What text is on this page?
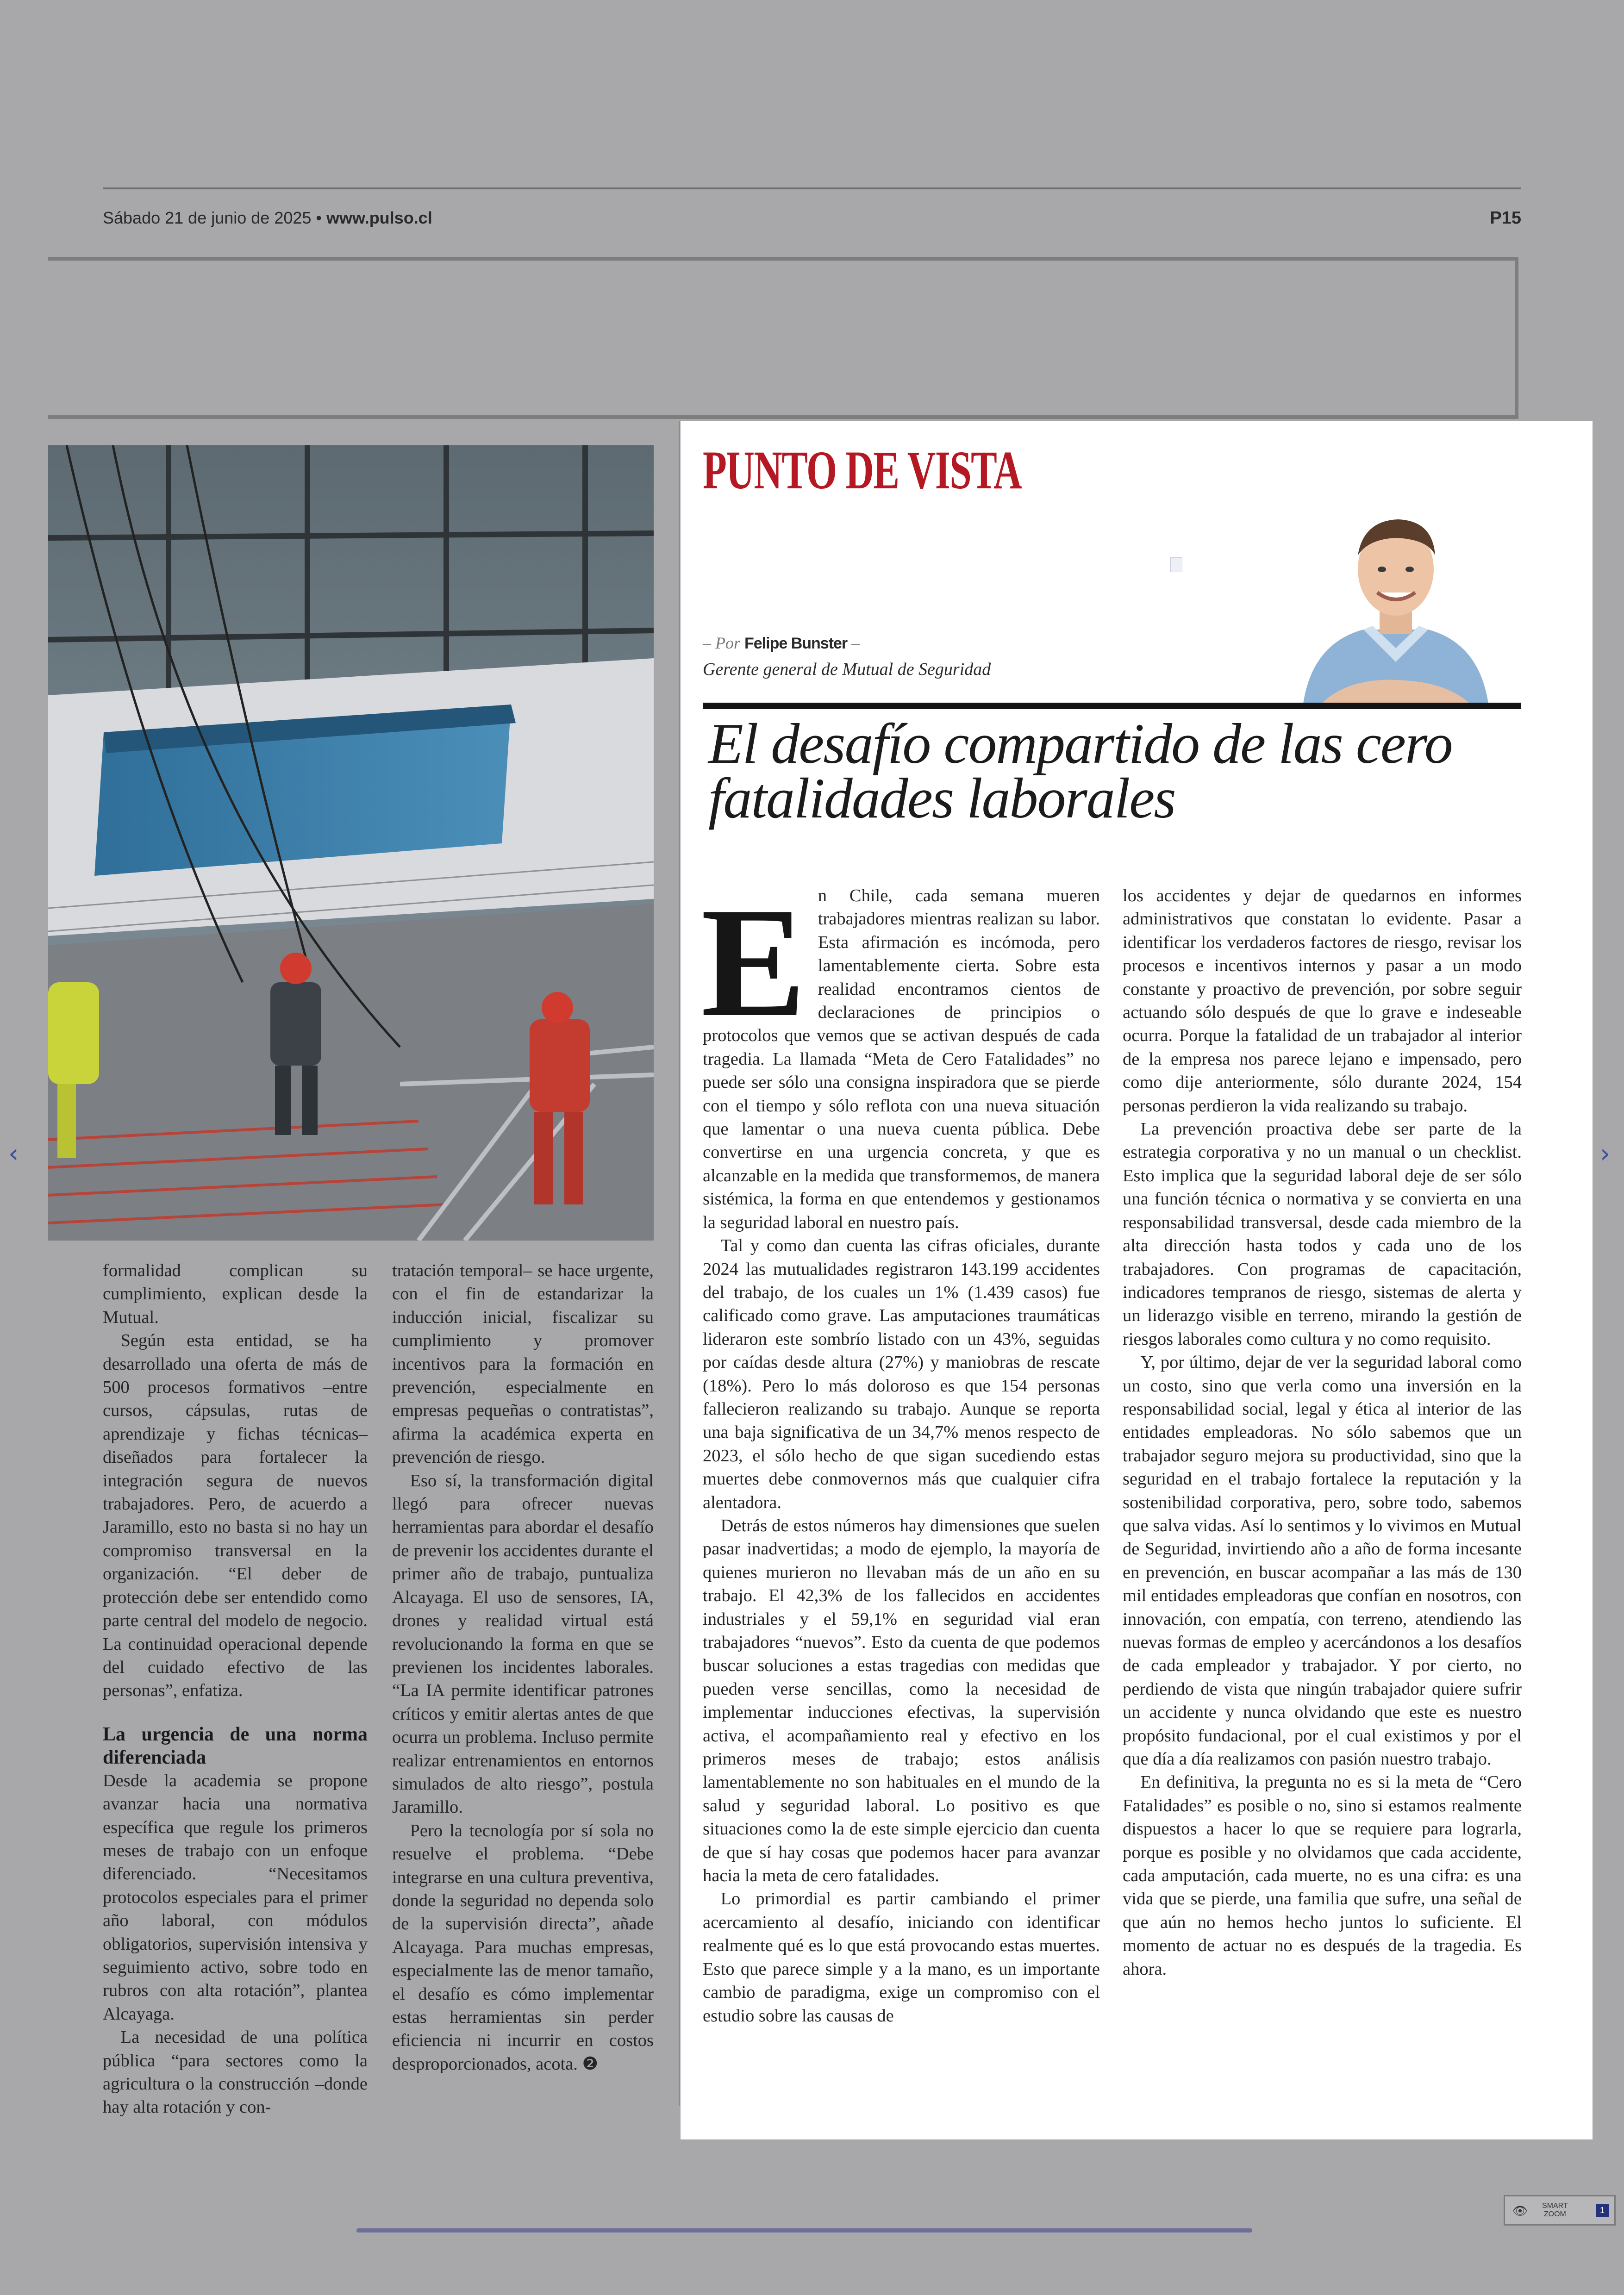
Sábado 21 de junio de 2025 • www.pulso.cl	P15

formalidad complican su cumplimiento, explican desde la Mutual.

Según esta entidad, se ha desarrollado una oferta de más de 500 procesos formativos –entre cursos, cápsulas, rutas de aprendizaje y fichas técnicas– diseñados para fortalecer la integración segura de nuevos trabajadores. Pero, de acuerdo a Jaramillo, esto no basta si no hay un compromiso transversal en la organización. “El deber de protección debe ser entendido como parte central del modelo de negocio. La continuidad operacional depende del cuidado efectivo de las personas”, enfatiza.

La urgencia de una norma diferenciada

Desde la academia se propone avanzar hacia una normativa específica que regule los primeros meses de trabajo con un enfoque diferenciado. “Necesitamos protocolos especiales para el primer año laboral, con módulos obligatorios, supervisión intensiva y seguimiento activo, sobre todo en rubros con alta rotación”, plantea Alcayaga.

La necesidad de una política pública “para sectores como la agricultura o la construcción –donde hay alta rotación y con-

tratación temporal– se hace urgente, con el fin de estandarizar la inducción inicial, fiscalizar su cumplimiento y promover incentivos para la formación en prevención, especialmente en empresas pequeñas o contratistas”, afirma la académica experta en prevención de riesgo.

Eso sí, la transformación digital llegó para ofrecer nuevas herramientas para abordar el desafío de prevenir los accidentes durante el primer año de trabajo, puntualiza Alcayaga. El uso de sensores, IA, drones y realidad virtual está revolucionando la forma en que se previenen los incidentes laborales. “La IA permite identificar patrones críticos y emitir alertas antes de que ocurra un problema. Incluso permite realizar entrenamientos en entornos simulados de alto riesgo”, postula Jaramillo.

Pero la tecnología por sí sola no resuelve el problema. “Debe integrarse en una cultura preventiva, donde la seguridad no dependa solo de la supervisión directa”, añade Alcayaga. Para muchas empresas, especialmente las de menor tamaño, el desafío es cómo implementar estas herramientas sin perder eficiencia ni incurrir en costos desproporcionados, acota. ❷

PUNTO DE VISTA
– Por Felipe Bunster –
Gerente general de Mutual de Seguridad
El desafío compartido de las cero fatalidades laborales
E n Chile, cada semana mueren trabajadores mientras realizan su labor. Esta afirmación es incómoda, pero lamentablemente cierta. Sobre esta realidad encontramos cientos de declaraciones de principios o protocolos que vemos que se activan después de cada tragedia. La llamada “Meta de Cero Fatalidades” no puede ser sólo una consigna inspiradora que se pierde con el tiempo y sólo reflota con una nueva situación que lamentar o una nueva cuenta pública. Debe convertirse en una urgencia concreta, y que es alcanzable en la medida que transformemos, de manera sistémica, la forma en que entendemos y gestionamos la seguridad laboral en nuestro país.

Tal y como dan cuenta las cifras oficiales, durante 2024 las mutualidades registraron 143.199 accidentes del trabajo, de los cuales un 1% (1.439 casos) fue calificado como grave. Las amputaciones traumáticas lideraron este sombrío listado con un 43%, seguidas por caídas desde altura (27%) y maniobras de rescate (18%). Pero lo más doloroso es que 154 personas fallecieron realizando su trabajo. Aunque se reporta una baja significativa de un 34,7% menos respecto de 2023, el sólo hecho de que sigan sucediendo estas muertes debe conmovernos más que cualquier cifra alentadora.

Detrás de estos números hay dimensiones que suelen pasar inadvertidas; a modo de ejemplo, la mayoría de quienes murieron no llevaban más de un año en su trabajo. El 42,3% de los fallecidos en accidentes industriales y el 59,1% en seguridad vial eran trabajadores “nuevos”. Esto da cuenta de que podemos buscar soluciones a estas tragedias con medidas que pueden verse sencillas, como la necesidad de implementar inducciones efectivas, la supervisión activa, el acompañamiento real y efectivo en los primeros meses de trabajo; estos análisis lamentablemente no son habituales en el mundo de la salud y seguridad laboral. Lo positivo es que situaciones como la de este simple ejercicio dan cuenta de que sí hay cosas que podemos hacer para avanzar hacia la meta de cero fatalidades.

Lo primordial es partir cambiando el primer acercamiento al desafío, iniciando con identificar realmente qué es lo que está provocando estas muertes. Esto que parece simple y a la mano, es un importante cambio de paradigma, exige un compromiso con el estudio sobre las causas de

los accidentes y dejar de quedarnos en informes administrativos que constatan lo evidente. Pasar a identificar los verdaderos factores de riesgo, revisar los procesos e incentivos internos y pasar a un modo constante y proactivo de prevención, por sobre seguir actuando sólo después de que lo grave e indeseable ocurra. Porque la fatalidad de un trabajador al interior de la empresa nos parece lejano e impensado, pero como dije anteriormente, sólo durante 2024, 154 personas perdieron la vida realizando su trabajo.

La prevención proactiva debe ser parte de la estrategia corporativa y no un manual o un checklist. Esto implica que la seguridad laboral deje de ser sólo una función técnica o normativa y se convierta en una responsabilidad transversal, desde cada miembro de la alta dirección hasta todos y cada uno de los trabajadores. Con programas de capacitación, indicadores tempranos de riesgo, sistemas de alerta y un liderazgo visible en terreno, mirando la gestión de riesgos laborales como cultura y no como requisito.

Y, por último, dejar de ver la seguridad laboral como un costo, sino que verla como una inversión en la responsabilidad social, legal y ética al interior de las entidades empleadoras. No sólo sabemos que un trabajador seguro mejora su productividad, sino que la seguridad en el trabajo fortalece la reputación y la sostenibilidad corporativa, pero, sobre todo, sabemos que salva vidas. Así lo sentimos y lo vivimos en Mutual de Seguridad, invirtiendo año a año de forma incesante en prevención, en buscar acompañar a las más de 130 mil entidades empleadoras que confían en nosotros, con innovación, con empatía, con terreno, atendiendo las nuevas formas de empleo y acercándonos a los desafíos de cada empleador y trabajador. Y por cierto, no perdiendo de vista que ningún trabajador quiere sufrir un accidente y nunca olvidando que este es nuestro propósito fundacional, por el cual existimos y por el que día a día realizamos con pasión nuestro trabajo.

En definitiva, la pregunta no es si la meta de “Cero Fatalidades” es posible o no, sino si estamos realmente dispuestos a hacer lo que se requiere para lograrla, porque es posible y no olvidamos que cada accidente, cada amputación, cada muerte, no es una cifra: es una vida que se pierde, una familia que sufre, una señal de que aún no hemos hecho juntos lo suficiente. El momento de actuar no es después de la tragedia. Es ahora.

‹	›
👁 SMART
ZOOM	1
